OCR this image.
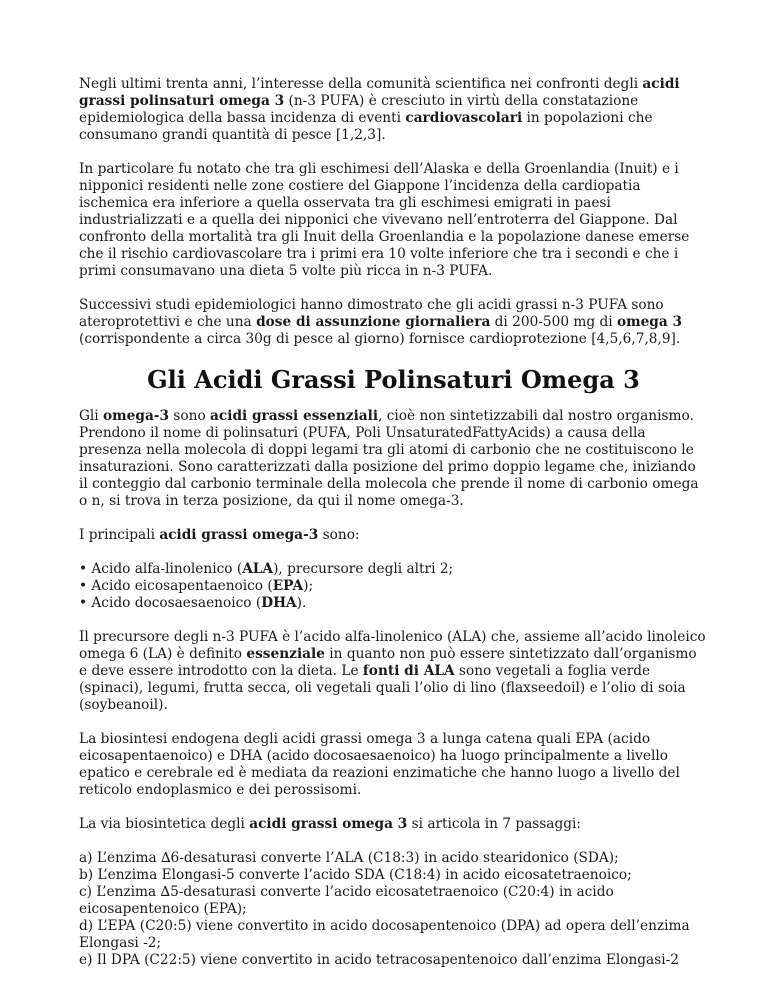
Negli ultimi trenta anni, l’interesse della comunità scientifica nei confronti degli acidi grassi polinsaturi omega 3 (n-3 PUFA) è cresciuto in virtù della constatazione epidemiologica della bassa incidenza di eventi cardiovascolari in popolazioni che consumano grandi quantità di pesce [1,2,3].

In particolare fu notato che tra gli eschimesi dell’Alaska e della Groenlandia (Inuit) e i nipponici residenti nelle zone costiere del Giappone l’incidenza della cardiopatia ischemica era inferiore a quella osservata tra gli eschimesi emigrati in paesi industrializzati e a quella dei nipponici che vivevano nell’entroterra del Giappone. Dal confronto della mortalità tra gli Inuit della Groenlandia e la popolazione danese emerse che il rischio cardiovascolare tra i primi era 10 volte inferiore che tra i secondi e che i primi consumavano una dieta 5 volte più ricca in n-3 PUFA.

Successivi studi epidemiologici hanno dimostrato che gli acidi grassi n-3 PUFA sono ateroprotettivi e che una dose di assunzione giornaliera di 200-500 mg di omega 3 (corrispondente a circa 30g di pesce al giorno) fornisce cardioprotezione [4,5,6,7,8,9].

Gli Acidi Grassi Polinsaturi Omega 3

Gli omega-3 sono acidi grassi essenziali, cioè non sintetizzabili dal nostro organismo. Prendono il nome di polinsaturi (PUFA, Poli UnsaturatedFattyAcids) a causa della presenza nella molecola di doppi legami tra gli atomi di carbonio che ne costituiscono le insaturazioni. Sono caratterizzati dalla posizione del primo doppio legame che, iniziando il conteggio dal carbonio terminale della molecola che prende il nome di carbonio omega o n, si trova in terza posizione, da qui il nome omega-3.

I principali acidi grassi omega-3 sono:

• Acido alfa-linolenico (ALA), precursore degli altri 2;

• Acido eicosapentaenoico (EPA);

• Acido docosaesaenoico (DHA).

Il precursore degli n-3 PUFA è l’acido alfa-linolenico (ALA) che, assieme all’acido linoleico omega 6 (LA) è definito essenziale in quanto non può essere sintetizzato dall’organismo e deve essere introdotto con la dieta. Le fonti di ALA sono vegetali a foglia verde (spinaci), legumi, frutta secca, oli vegetali quali l’olio di lino (flaxseedoil) e l’olio di soia (soybeanoil).

La biosintesi endogena degli acidi grassi omega 3 a lunga catena quali EPA (acido eicosapentaenoico) e DHA (acido docosaesaenoico) ha luogo principalmente a livello epatico e cerebrale ed è mediata da reazioni enzimatiche che hanno luogo a livello del reticolo endoplasmico e dei perossisomi.

La via biosintetica degli acidi grassi omega 3 si articola in 7 passaggi:

a) L’enzima ∆6-desaturasi converte l’ALA (C18:3) in acido stearidonico (SDA);

b) L’enzima Elongasi-5 converte l’acido SDA (C18:4) in acido eicosatetraenoico;

c) L’enzima ∆5-desaturasi converte l’acido eicosatetraenoico (C20:4) in acido eicosapentenoico (EPA);

d) L’EPA (C20:5) viene convertito in acido docosapentenoico (DPA) ad opera dell’enzima Elongasi -2;

e) Il DPA (C22:5) viene convertito in acido tetracosapentenoico dall’enzima Elongasi-2
